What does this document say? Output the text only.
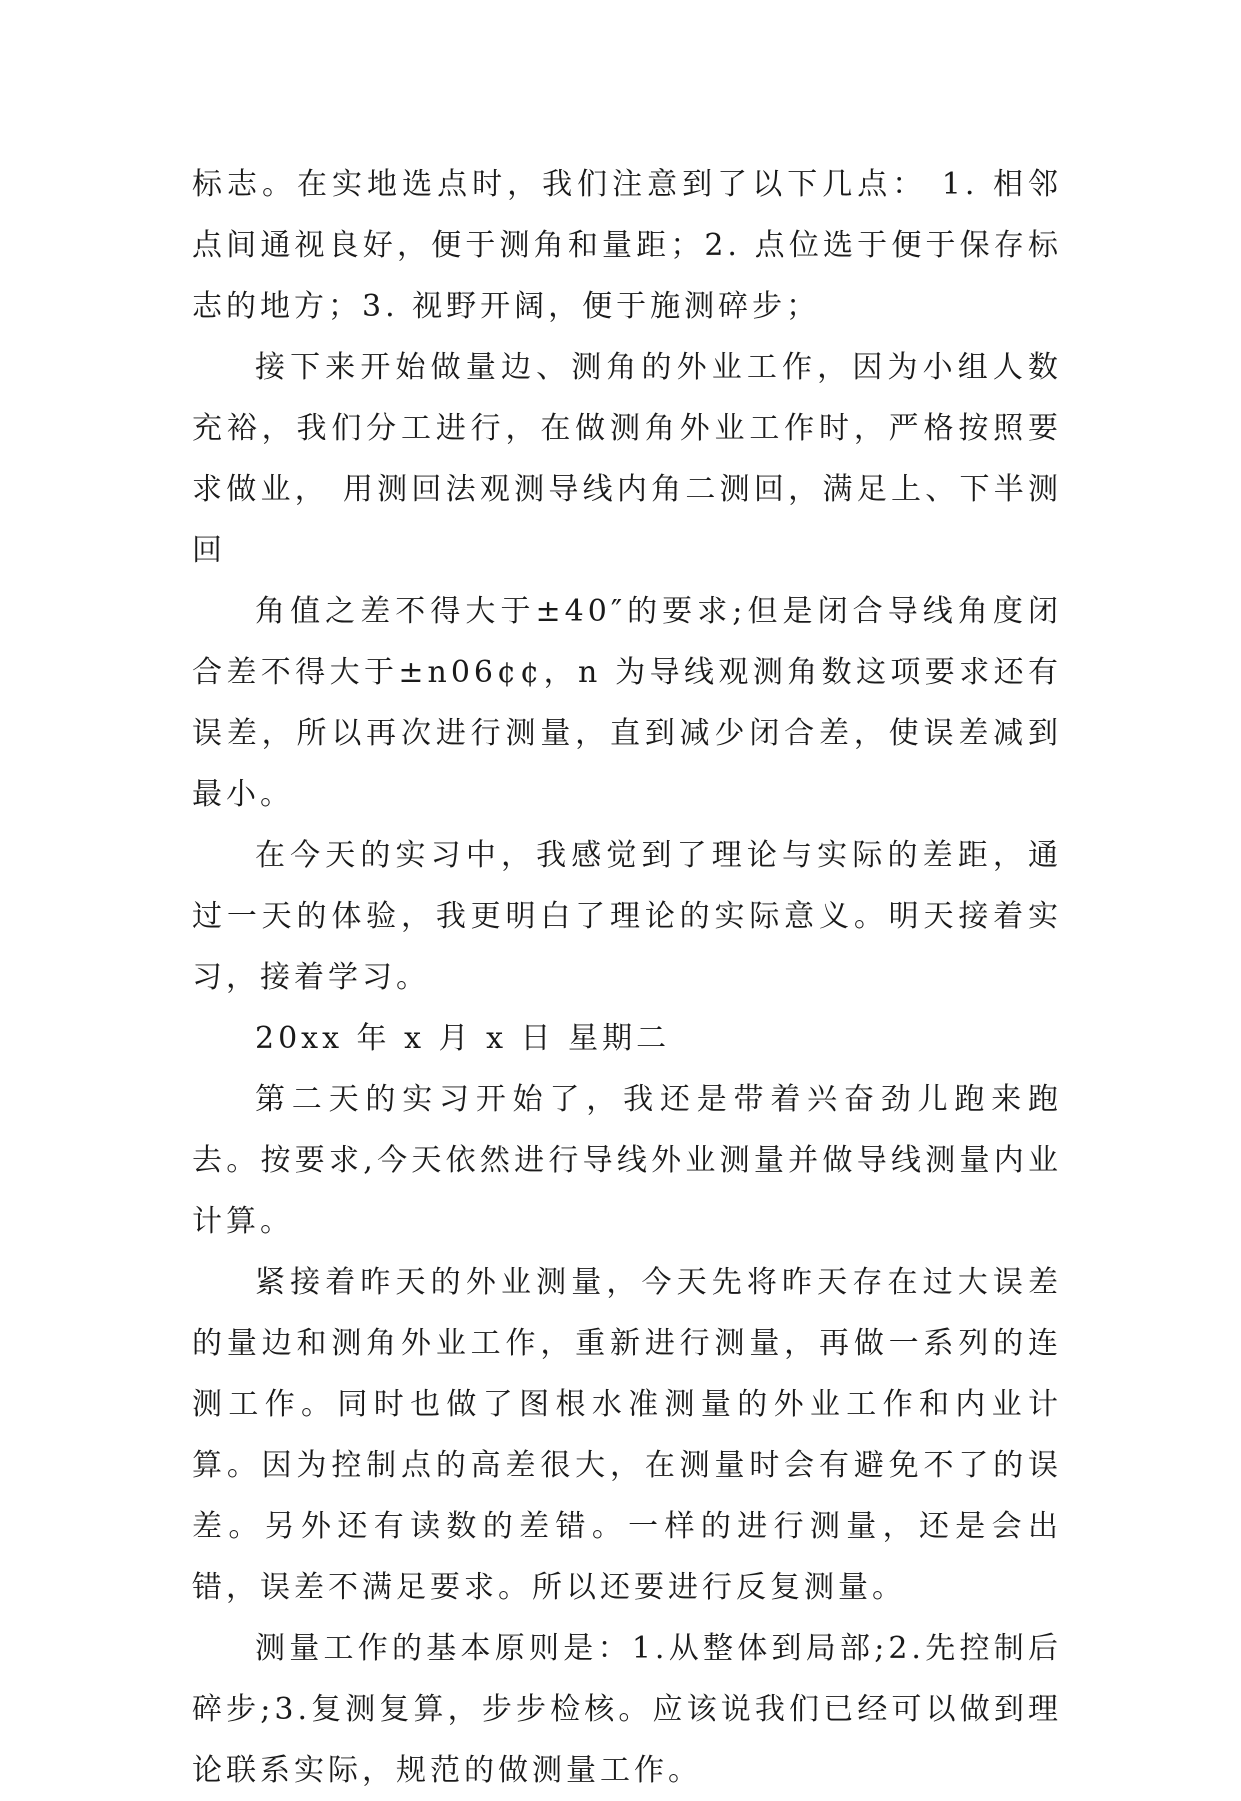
标志。在实地选点时，我们注意到了以下几点： 1. 相邻点间通视良好，便于测角和量距；2. 点位选于便于保存标志的地方；3. 视野开阔，便于施测碎步；

接下来开始做量边、测角的外业工作，因为小组人数充裕，我们分工进行，在做测角外业工作时，严格按照要求做业， 用测回法观测导线内角二测回，满足上、下半测回

角值之差不得大于±40″的要求;但是闭合导线角度闭合差不得大于±n06¢¢，n 为导线观测角数这项要求还有误差，所以再次进行测量，直到减少闭合差，使误差减到最小。

在今天的实习中，我感觉到了理论与实际的差距，通过一天的体验，我更明白了理论的实际意义。明天接着实习，接着学习。

20xx 年 x 月 x 日 星期二

第二天的实习开始了，我还是带着兴奋劲儿跑来跑去。按要求,今天依然进行导线外业测量并做导线测量内业计算。

紧接着昨天的外业测量，今天先将昨天存在过大误差的量边和测角外业工作，重新进行测量，再做一系列的连测工作。同时也做了图根水准测量的外业工作和内业计算。因为控制点的高差很大，在测量时会有避免不了的误差。另外还有读数的差错。一样的进行测量，还是会出错，误差不满足要求。所以还要进行反复测量。

测量工作的基本原则是：1.从整体到局部;2.先控制后碎步;3.复测复算，步步检核。应该说我们已经可以做到理论联系实际，规范的做测量工作。
